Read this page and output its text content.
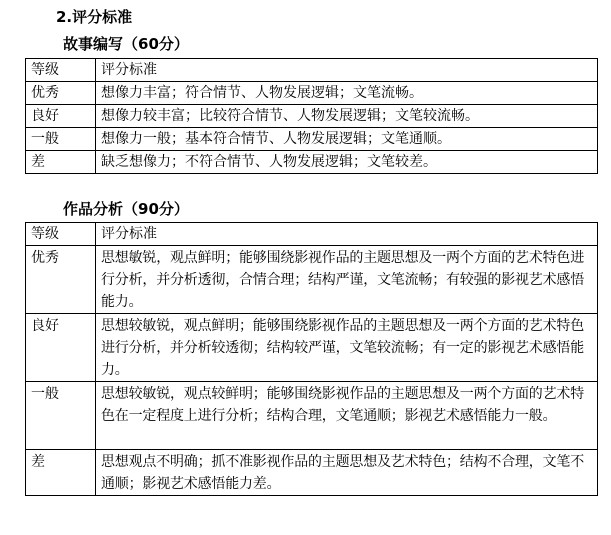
2.评分标准
故事编写（60分）
等级	评分标准
优秀	想像力丰富；符合情节、人物发展逻辑；文笔流畅。
良好	想像力较丰富；比较符合情节、人物发展逻辑；文笔较流畅。
一般	想像力一般；基本符合情节、人物发展逻辑；文笔通顺。
差	缺乏想像力；不符合情节、人物发展逻辑；文笔较差。
作品分析（90分）
等级	评分标准
优秀	思想敏锐，观点鲜明；能够围绕影视作品的主题思想及一两个方面的艺术特色进行分析，并分析透彻，合情合理；结构严谨，文笔流畅；有较强的影视艺术感悟能力。
良好	思想较敏锐，观点鲜明；能够围绕影视作品的主题思想及一两个方面的艺术特色进行分析，并分析较透彻；结构较严谨，文笔较流畅；有一定的影视艺术感悟能力。
一般	思想较敏锐，观点较鲜明；能够围绕影视作品的主题思想及一两个方面的艺术特色在一定程度上进行分析；结构合理，文笔通顺；影视艺术感悟能力一般。
差	思想观点不明确；抓不准影视作品的主题思想及艺术特色；结构不合理，文笔不通顺；影视艺术感悟能力差。
